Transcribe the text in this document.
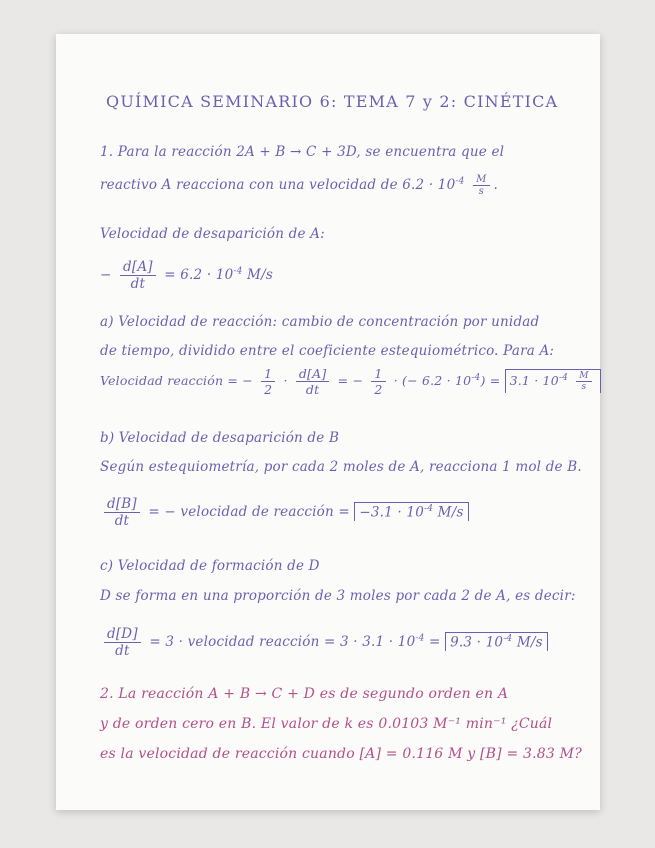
QUÍMICA SEMINARIO 6: TEMA 7 y 2: CINÉTICA
1. Para la reacción 2A + B → C + 3D, se encuentra que el
reactivo A reacciona con una velocidad de $6.2 \cdot 10^{-4} \frac{M}{s}$ .
Velocidad de desaparición de A:
− $\frac{d[A]}{dt} = 6.2 \cdot 10^{-4}$ M/s
a) Velocidad de reacción: cambio de concentración por unidad
de tiempo, dividido entre el coeficiente estequiométrico. Para A:
Velocidad reacción = − $\frac{1}{2} \cdot \frac{d[A]}{dt}$ = − $\frac{1}{2}$ · (− $6.2 \cdot 10^{-4}) = 3.1 \cdot 10^{-4} \frac{M}{s}$
b) Velocidad de desaparición de B
Según estequiometría, por cada 2 moles de A, reacciona 1 mol de B.
$\frac{d[B]}{dt}$ = − velocidad de reacción = $-3.1 \cdot 10^{-4}$ M/s
c) Velocidad de formación de D
D se forma en una proporción de 3 moles por cada 2 de A, es decir:
$\frac{d[D]}{dt} = 3$ · velocidad reacción = $3 \cdot 3.1 \cdot 10^{-4} = 9.3 \cdot 10^{-4}$ M/s
2. La reacción A + B → C + D es de segundo orden en A
y de orden cero en B. El valor de k es 0.0103 M⁻¹ min⁻¹ ¿Cuál
es la velocidad de reacción cuando [A] = 0.116 M y [B] = 3.83 M?
